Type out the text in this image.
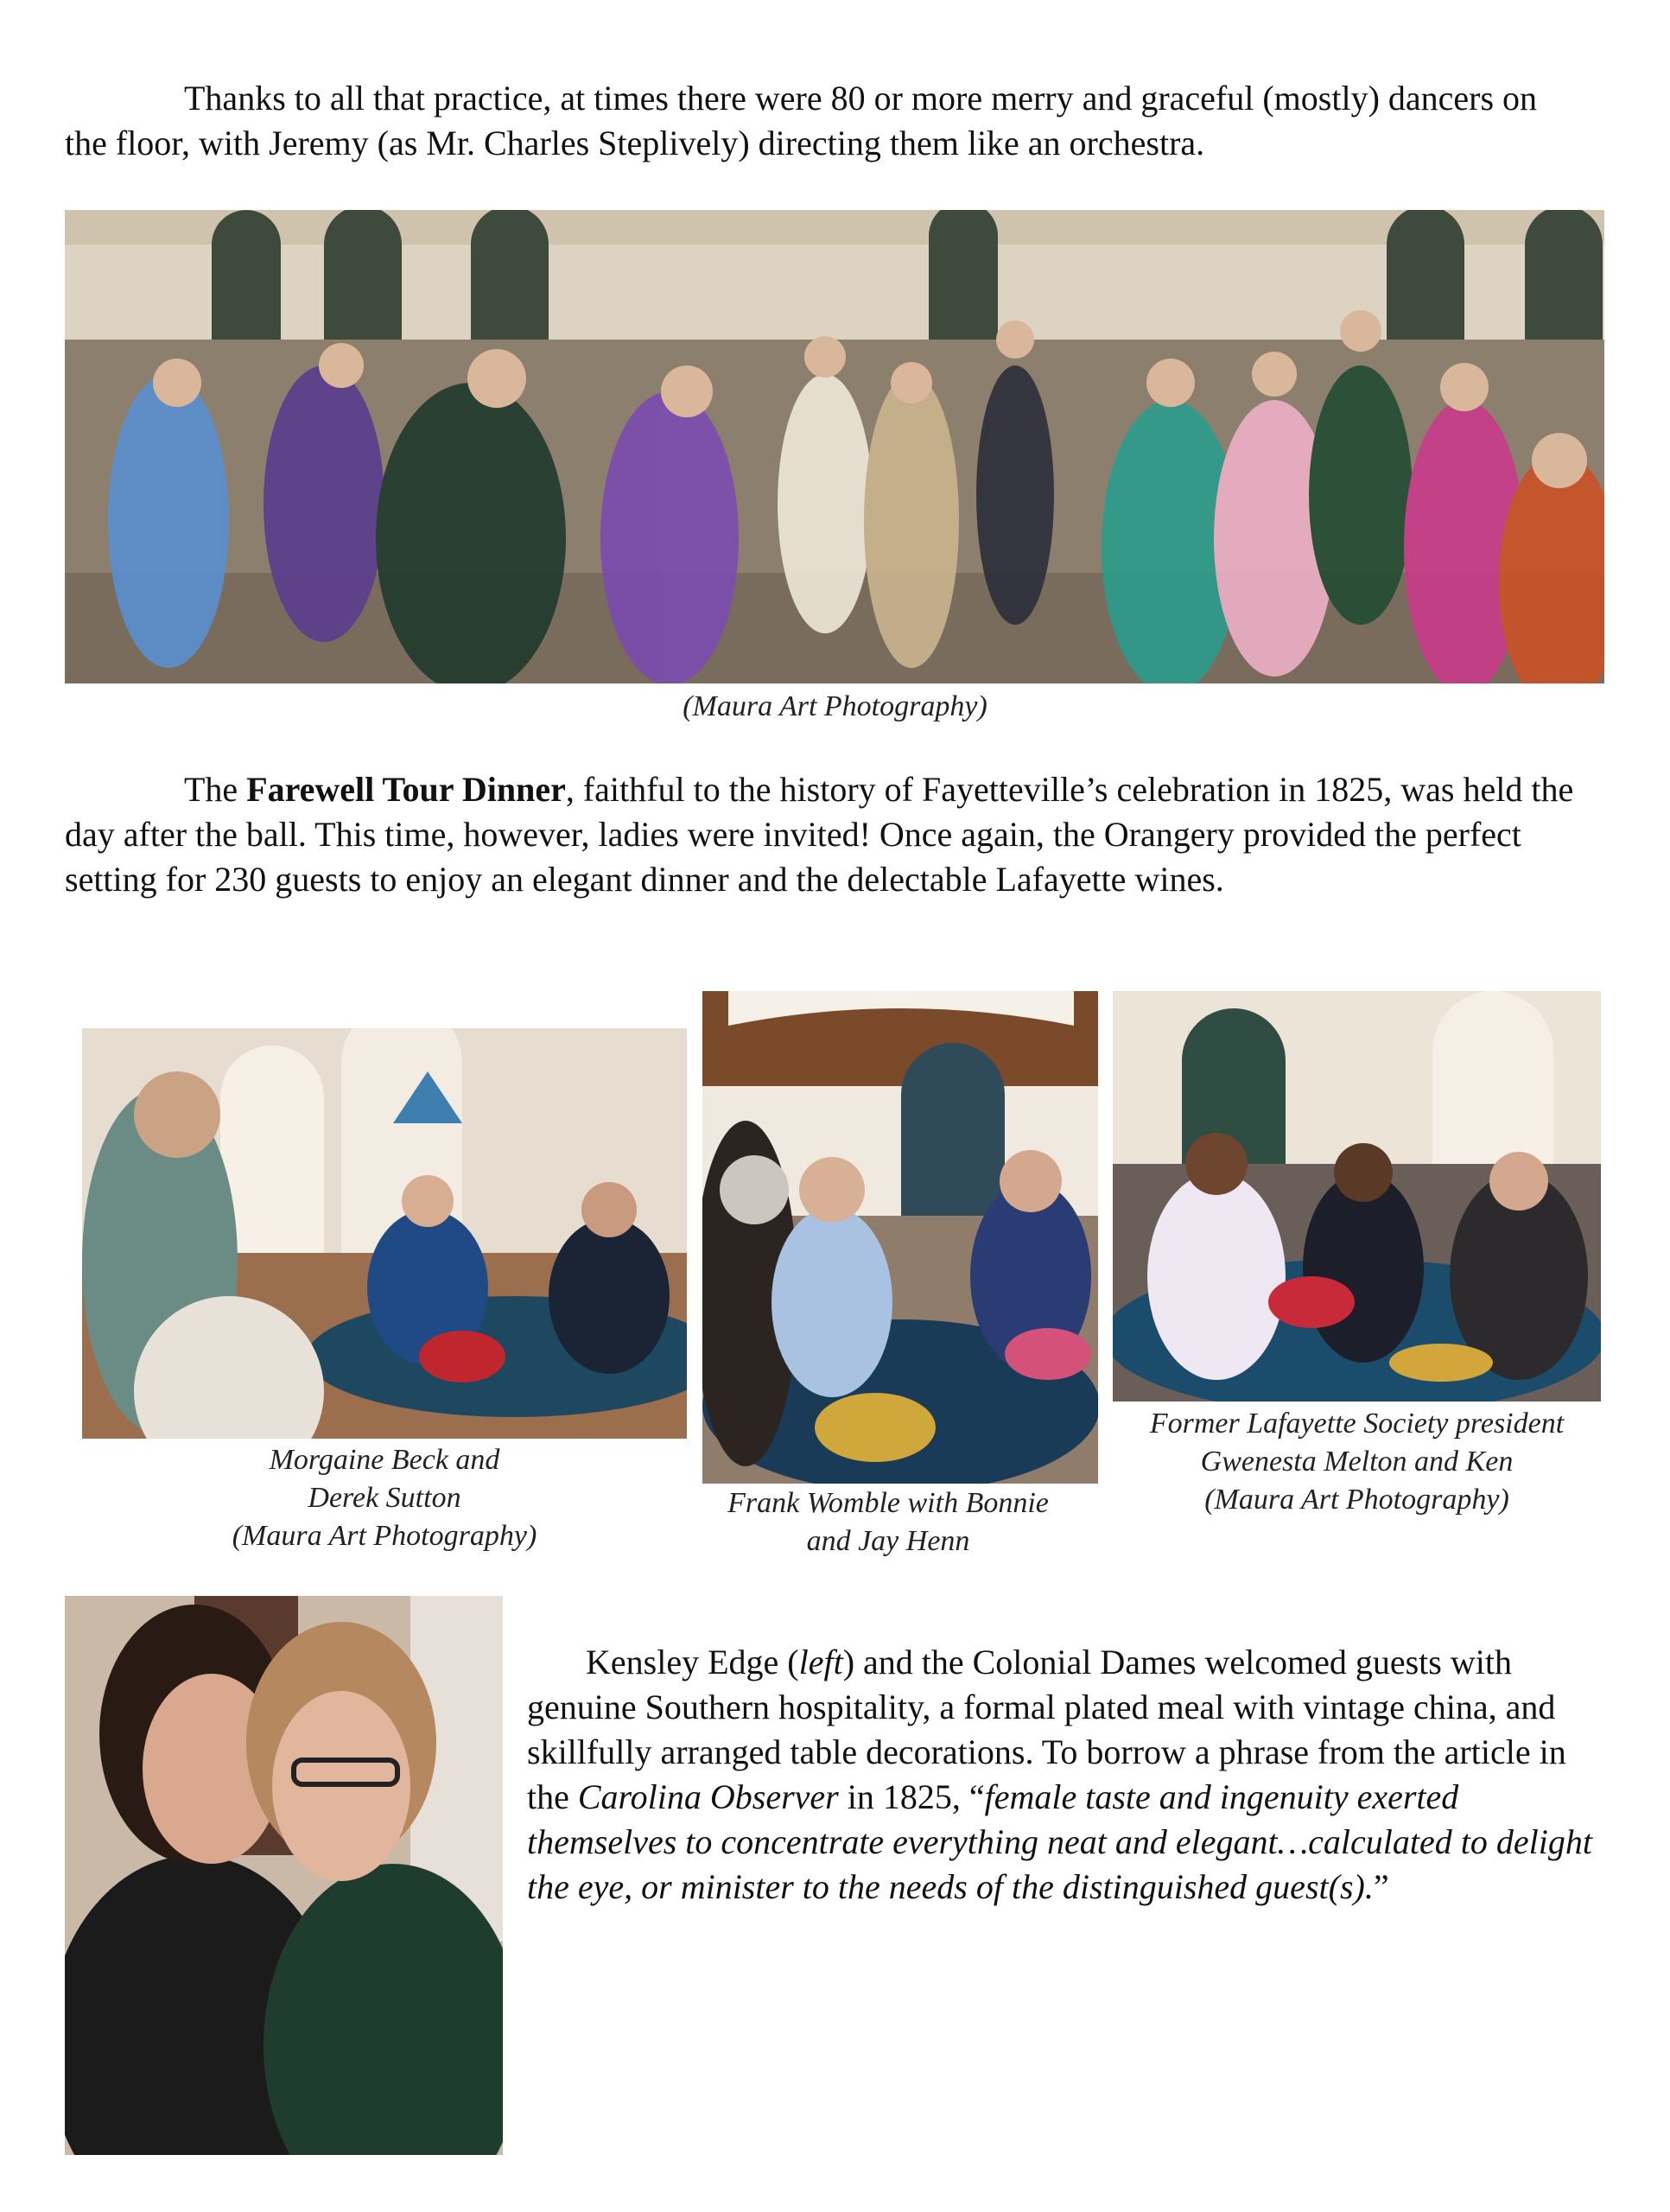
Thanks to all that practice, at times there were 80 or more merry and graceful (mostly) dancers on the floor, with Jeremy (as Mr. Charles Steplively) directing them like an orchestra.

(Maura Art Photography)

The Farewell Tour Dinner, faithful to the history of Fayetteville’s celebration in 1825, was held the day after the ball. This time, however, ladies were invited! Once again, the Orangery provided the perfect setting for 230 guests to enjoy an elegant dinner and the delectable Lafayette wines.

Morgaine Beck and
Derek Sutton
(Maura Art Photography)
Frank Womble with Bonnie
and Jay Henn
Former Lafayette Society president
Gwenesta Melton and Ken
(Maura Art Photography)

Kensley Edge (left) and the Colonial Dames welcomed guests with genuine Southern hospitality, a formal plated meal with vintage china, and skillfully arranged table decorations. To borrow a phrase from the article in the Carolina Observer in 1825, “female taste and ingenuity exerted themselves to concentrate everything neat and elegant…calculated to delight the eye, or minister to the needs of the distinguished guest(s).”
